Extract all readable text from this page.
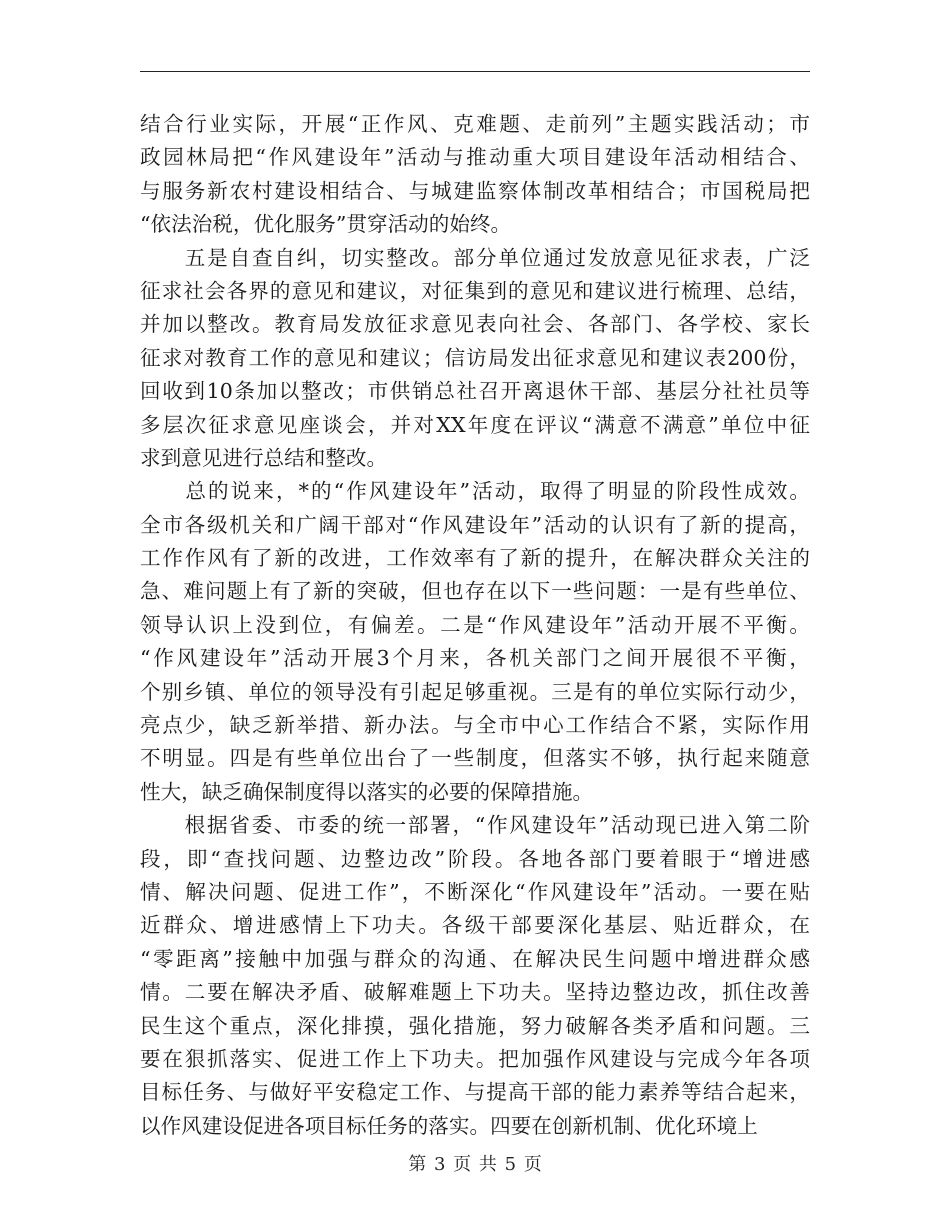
结合行业实际，开展“正作风、克难题、走前列”主题实践活动；市
政园林局把“作风建设年”活动与推动重大项目建设年活动相结合、
与服务新农村建设相结合、与城建监察体制改革相结合；市国税局把
“依法治税，优化服务”贯穿活动的始终。
　　五是自查自纠，切实整改。部分单位通过发放意见征求表，广泛
征求社会各界的意见和建议，对征集到的意见和建议进行梳理、总结，
并加以整改。教育局发放征求意见表向社会、各部门、各学校、家长
征求对教育工作的意见和建议；信访局发出征求意见和建议表200份，
回收到10条加以整改；市供销总社召开离退休干部、基层分社社员等
多层次征求意见座谈会，并对XX年度在评议“满意不满意”单位中征
求到意见进行总结和整改。
　　总的说来，*的“作风建设年”活动，取得了明显的阶段性成效。
全市各级机关和广阔干部对“作风建设年”活动的认识有了新的提高，
工作作风有了新的改进，工作效率有了新的提升，在解决群众关注的
急、难问题上有了新的突破，但也存在以下一些问题：一是有些单位、
领导认识上没到位，有偏差。二是“作风建设年”活动开展不平衡。
“作风建设年”活动开展3个月来，各机关部门之间开展很不平衡，
个别乡镇、单位的领导没有引起足够重视。三是有的单位实际行动少，
亮点少，缺乏新举措、新办法。与全市中心工作结合不紧，实际作用
不明显。四是有些单位出台了一些制度，但落实不够，执行起来随意
性大，缺乏确保制度得以落实的必要的保障措施。
　　根据省委、市委的统一部署，“作风建设年”活动现已进入第二阶
段，即“查找问题、边整边改”阶段。各地各部门要着眼于“增进感
情、解决问题、促进工作”，不断深化“作风建设年”活动。一要在贴
近群众、增进感情上下功夫。各级干部要深化基层、贴近群众，在
“零距离”接触中加强与群众的沟通、在解决民生问题中增进群众感
情。二要在解决矛盾、破解难题上下功夫。坚持边整边改，抓住改善
民生这个重点，深化排摸，强化措施，努力破解各类矛盾和问题。三
要在狠抓落实、促进工作上下功夫。把加强作风建设与完成今年各项
目标任务、与做好平安稳定工作、与提高干部的能力素养等结合起来，
以作风建设促进各项目标任务的落实。四要在创新机制、优化环境上
第 3 页 共 5 页
